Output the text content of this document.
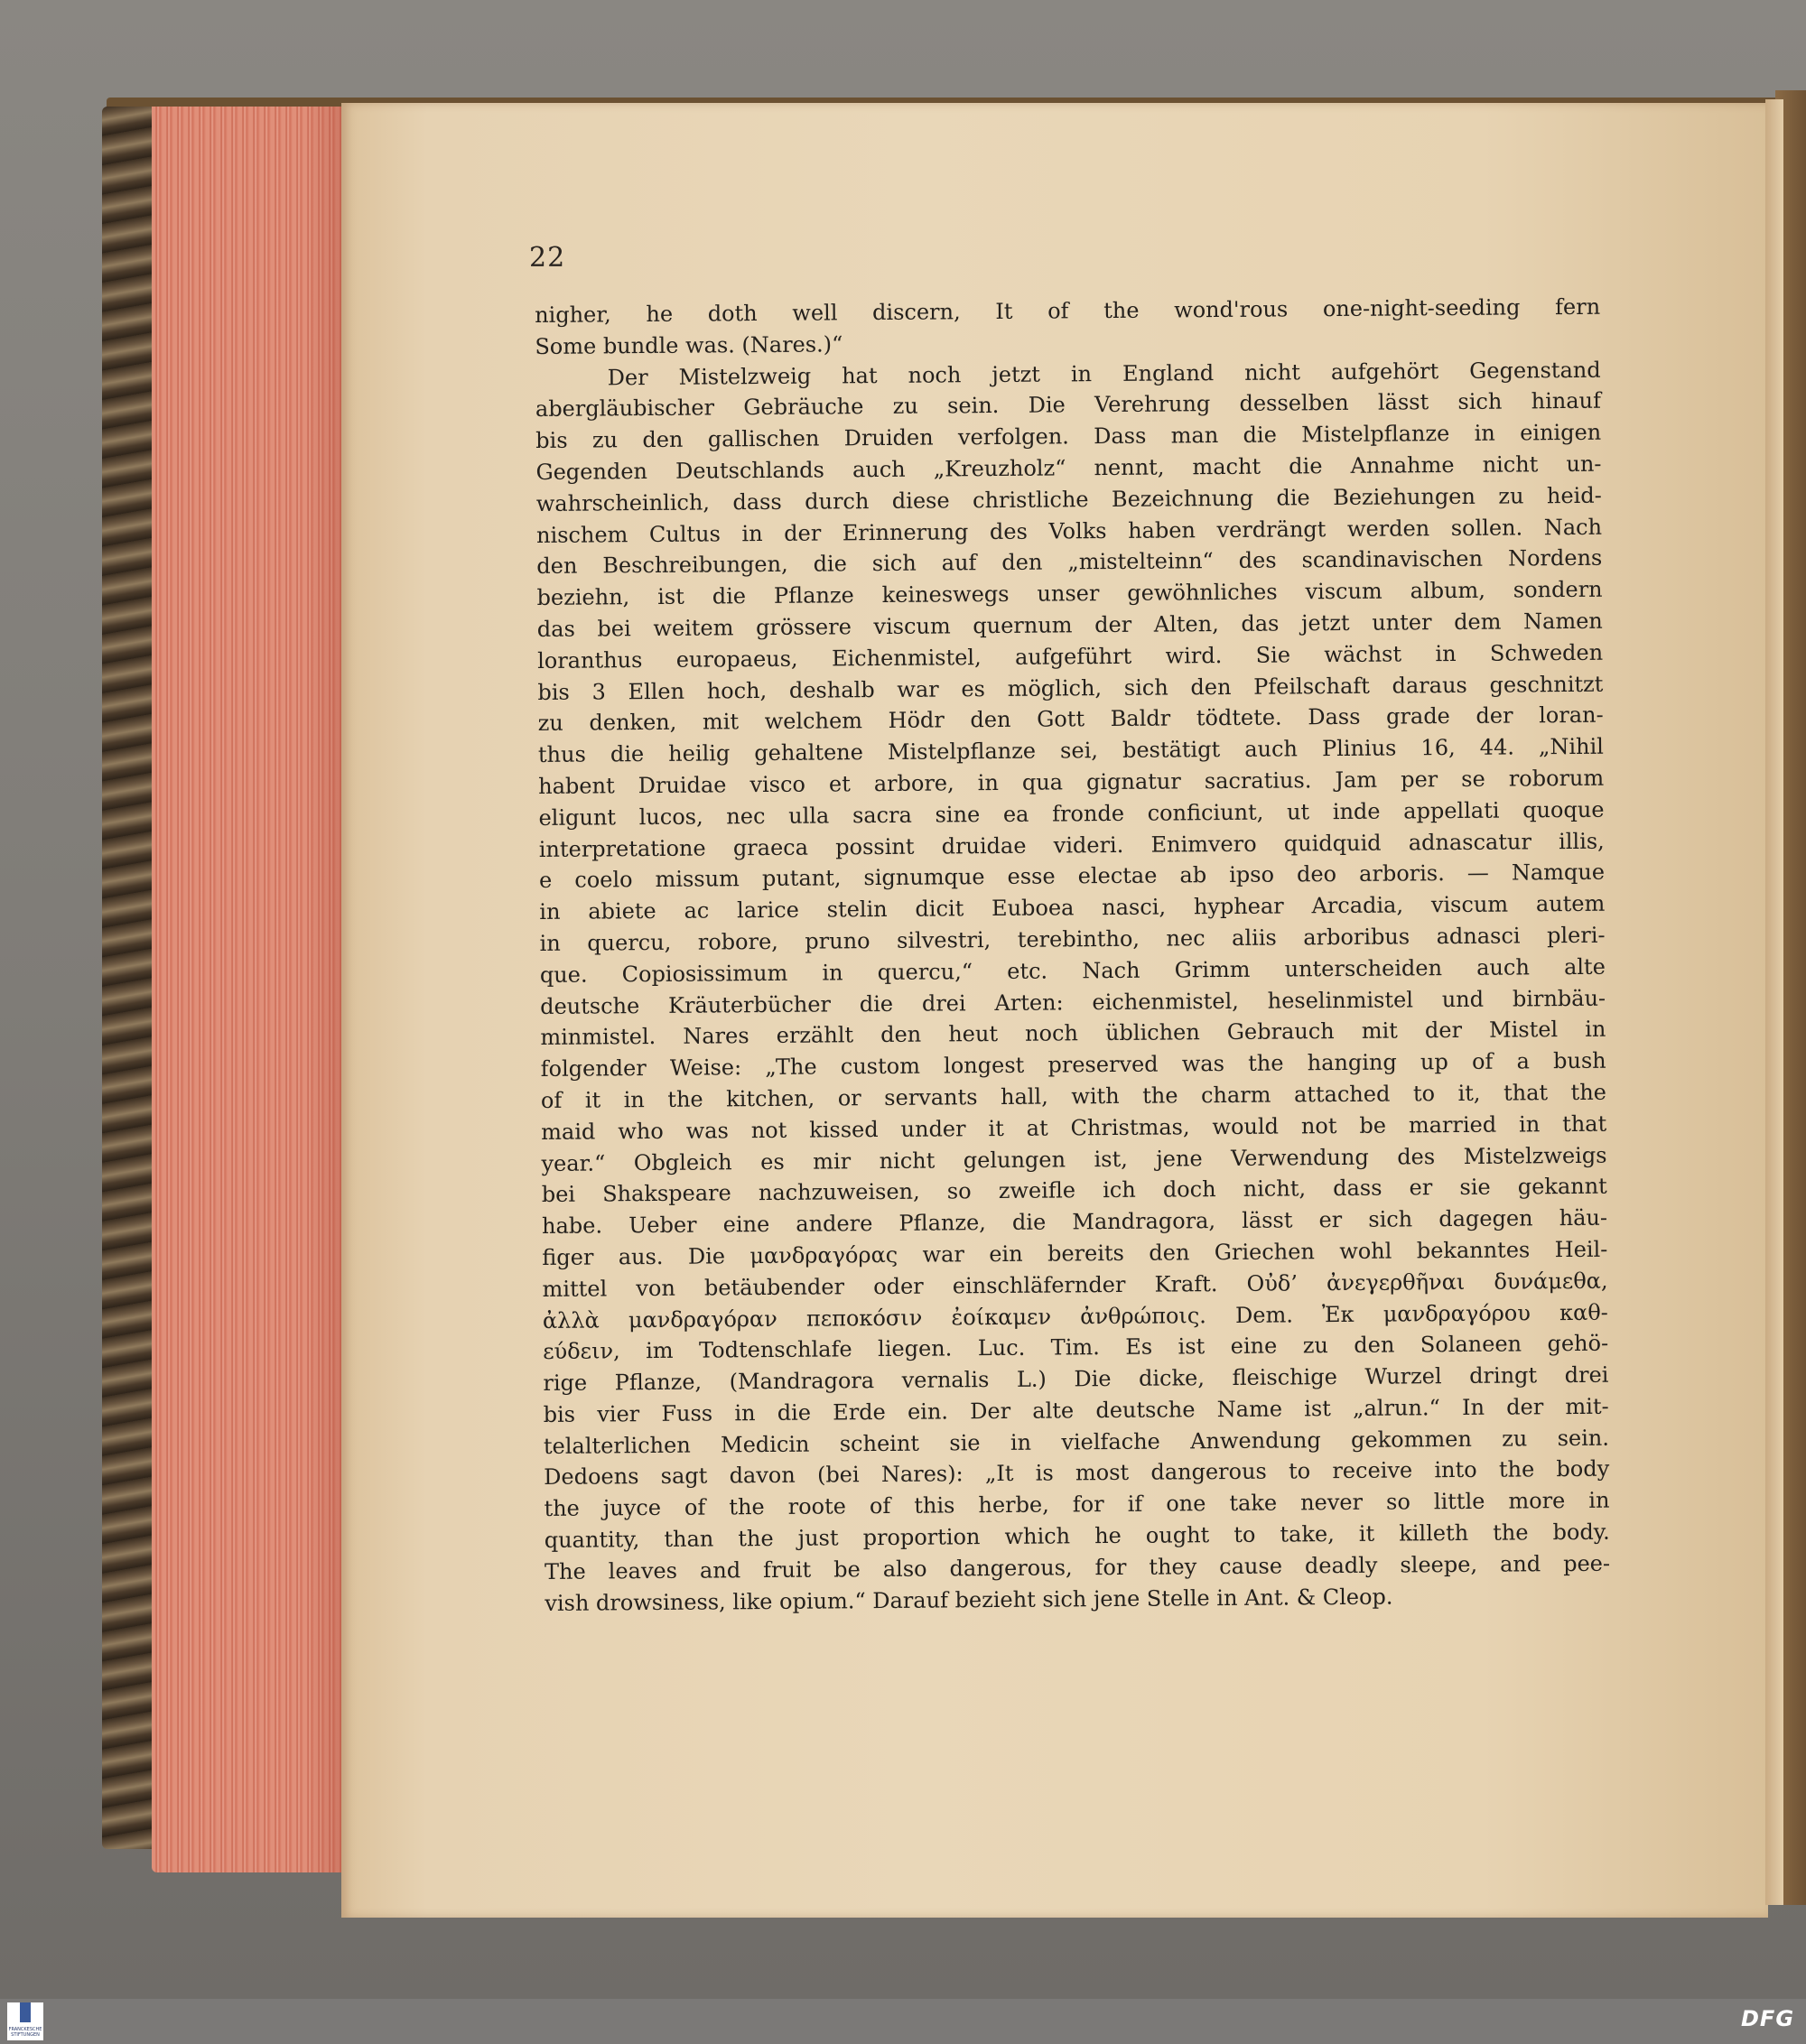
22
nigher, he doth well discern, It of the wond'rous one-night-seeding fern
Some bundle was. (Nares.)“
Der Mistelzweig hat noch jetzt in England nicht aufgehört Gegenstand
abergläubischer Gebräuche zu sein. Die Verehrung desselben lässt sich hinauf
bis zu den gallischen Druiden verfolgen. Dass man die Mistelpflanze in einigen
Gegenden Deutschlands auch „Kreuzholz“ nennt, macht die Annahme nicht un-
wahrscheinlich, dass durch diese christliche Bezeichnung die Beziehungen zu heid-
nischem Cultus in der Erinnerung des Volks haben verdrängt werden sollen. Nach
den Beschreibungen, die sich auf den „mistelteinn“ des scandinavischen Nordens
beziehn, ist die Pflanze keineswegs unser gewöhnliches viscum album, sondern
das bei weitem grössere viscum quernum der Alten, das jetzt unter dem Namen
loranthus europaeus, Eichenmistel, aufgeführt wird. Sie wächst in Schweden
bis 3 Ellen hoch, deshalb war es möglich, sich den Pfeilschaft daraus geschnitzt
zu denken, mit welchem Hödr den Gott Baldr tödtete. Dass grade der loran-
thus die heilig gehaltene Mistelpflanze sei, bestätigt auch Plinius 16, 44. „Nihil
habent Druidae visco et arbore, in qua gignatur sacratius. Jam per se roborum
eligunt lucos, nec ulla sacra sine ea fronde conficiunt, ut inde appellati quoque
interpretatione graeca possint druidae videri. Enimvero quidquid adnascatur illis,
e coelo missum putant, signumque esse electae ab ipso deo arboris. — Namque
in abiete ac larice stelin dicit Euboea nasci, hyphear Arcadia, viscum autem
in quercu, robore, pruno silvestri, terebintho, nec aliis arboribus adnasci pleri-
que. Copiosissimum in quercu,“ etc. Nach Grimm unterscheiden auch alte
deutsche Kräuterbücher die drei Arten: eichenmistel, heselinmistel und birnbäu-
minmistel. Nares erzählt den heut noch üblichen Gebrauch mit der Mistel in
folgender Weise: „The custom longest preserved was the hanging up of a bush
of it in the kitchen, or servants hall, with the charm attached to it, that the
maid who was not kissed under it at Christmas, would not be married in that
year.“ Obgleich es mir nicht gelungen ist, jene Verwendung des Mistelzweigs
bei Shakspeare nachzuweisen, so zweifle ich doch nicht, dass er sie gekannt
habe. Ueber eine andere Pflanze, die Mandragora, lässt er sich dagegen häu-
figer aus. Die μανδραγόρας war ein bereits den Griechen wohl bekanntes Heil-
mittel von betäubender oder einschläfernder Kraft. Οὐδ’ ἀνεγερθῆναι δυνάμεθα,
ἀλλὰ μανδραγόραν πεποκόσιν ἐοίκαμεν ἀνθρώποις. Dem. Ἐκ μανδραγόρου καθ-
εύδειν, im Todtenschlafe liegen. Luc. Tim. Es ist eine zu den Solaneen gehö-
rige Pflanze, (Mandragora vernalis L.) Die dicke, fleischige Wurzel dringt drei
bis vier Fuss in die Erde ein. Der alte deutsche Name ist „alrun.“ In der mit-
telalterlichen Medicin scheint sie in vielfache Anwendung gekommen zu sein.
Dedoens sagt davon (bei Nares): „It is most dangerous to receive into the body
the juyce of the roote of this herbe, for if one take never so little more in
quantity, than the just proportion which he ought to take, it killeth the body.
The leaves and fruit be also dangerous, for they cause deadly sleepe, and pee-
vish drowsiness, like opium.“ Darauf bezieht sich jene Stelle in Ant. & Cleop.
FRANCKESCHE STIFTUNGEN
DFG
